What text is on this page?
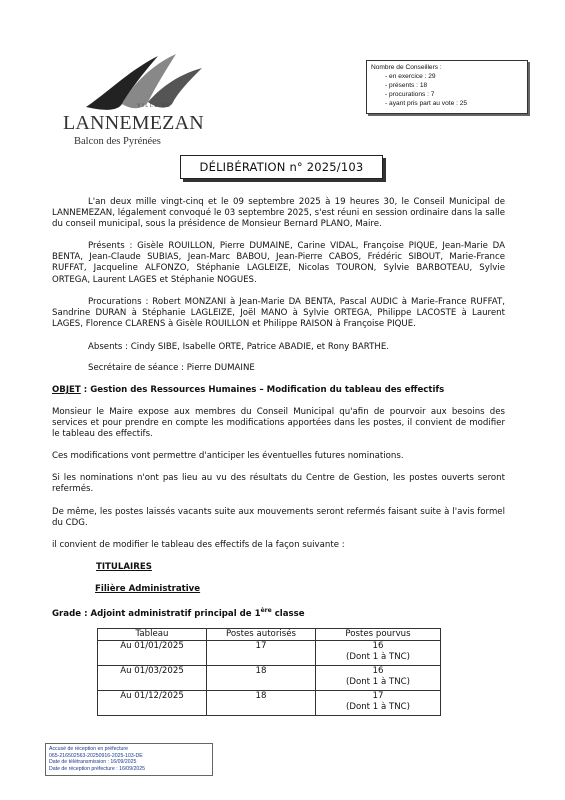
VILLE DE
LANNEMEZAN
Balcon des Pyrénées
Nombre de Conseillers :
- en exercice : 29
- présents : 18
- procurations : 7
- ayant pris part au vote : 25
DÉLIBÉRATION n° 2025/103
L'an deux mille vingt-cinq et le 09 septembre 2025 à 19 heures 30, le Conseil Municipal de LANNEMEZAN, légalement convoqué le 03 septembre 2025, s'est réuni en session ordinaire dans la salle du conseil municipal, sous la présidence de Monsieur Bernard PLANO, Maire.
Présents : Gisèle ROUILLON, Pierre DUMAINE, Carine VIDAL, Françoise PIQUE, Jean-Marie DA BENTA, Jean-Claude SUBIAS, Jean-Marc BABOU, Jean-Pierre CABOS, Frédéric SIBOUT, Marie-France RUFFAT, Jacqueline ALFONZO, Stéphanie LAGLEIZE, Nicolas TOURON, Sylvie BARBOTEAU, Sylvie ORTEGA, Laurent LAGES et Stéphanie NOGUES.
Procurations : Robert MONZANI à Jean-Marie DA BENTA, Pascal AUDIC à Marie-France RUFFAT, Sandrine DURAN à Stéphanie LAGLEIZE, Joël MANO à Sylvie ORTEGA, Philippe LACOSTE à Laurent LAGES, Florence CLARENS à Gisèle ROUILLON et Philippe RAISON à Françoise PIQUE.
Absents : Cindy SIBE, Isabelle ORTE, Patrice ABADIE, et Rony BARTHE.
Secrétaire de séance : Pierre DUMAINE
OBJET : Gestion des Ressources Humaines – Modification du tableau des effectifs
Monsieur le Maire expose aux membres du Conseil Municipal qu'afin de pourvoir aux besoins des services et pour prendre en compte les modifications apportées dans les postes, il convient de modifier le tableau des effectifs.
Ces modifications vont permettre d'anticiper les éventuelles futures nominations.
Si les nominations n'ont pas lieu au vu des résultats du Centre de Gestion, les postes ouverts seront refermés.
De même, les postes laissés vacants suite aux mouvements seront refermés faisant suite à l'avis formel du CDG.
il convient de modifier le tableau des effectifs de la façon suivante :
TITULAIRES
Filière Administrative
Grade : Adjoint administratif principal de 1ère classe
Tableau	Postes autorisés	Postes pourvus
Au 01/01/2025	17	16
(Dont 1 à TNC)

Au 01/03/2025	18	16
(Dont 1 à TNC)

Au 01/12/2025	18	17
(Dont 1 à TNC)
Accusé de réception en préfecture
065-216502563-20250916-2025-103-DE
Date de télétransmission : 16/09/2025
Date de réception préfecture : 16/09/2025
